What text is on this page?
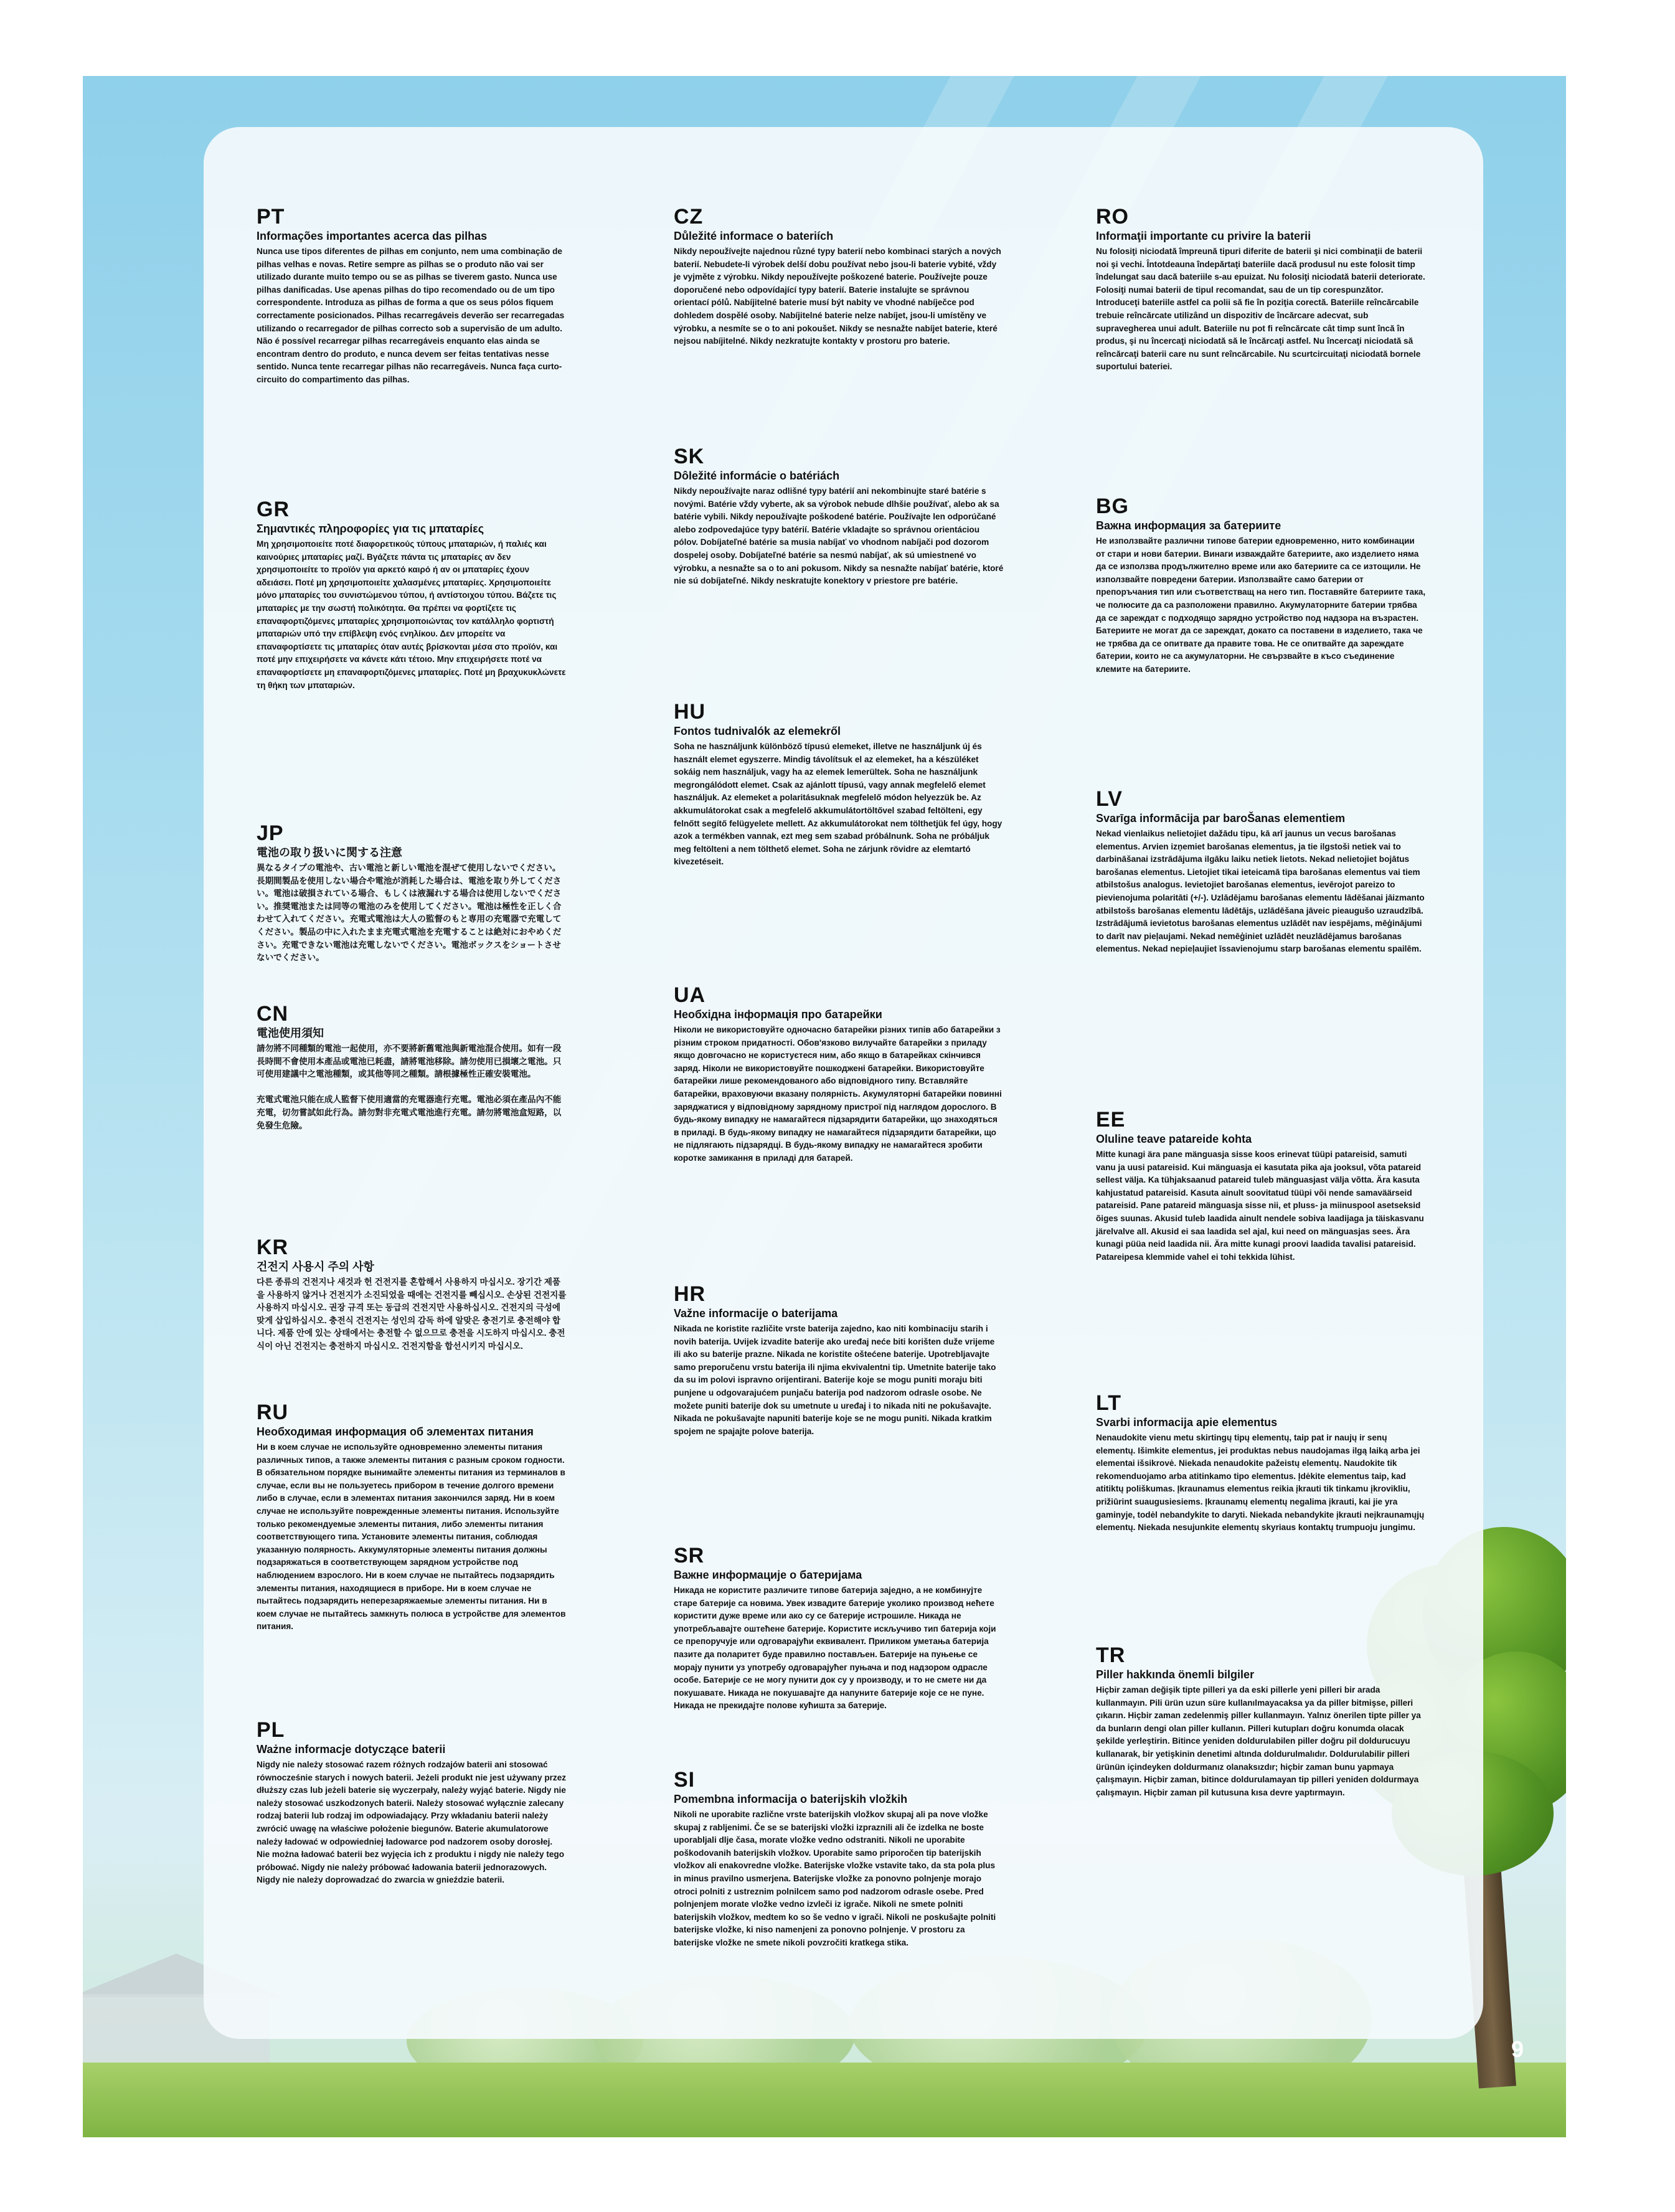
9
PT
Informações importantes acerca das pilhas

Nunca use tipos diferentes de pilhas em conjunto, nem uma combinação de pilhas velhas e novas. Retire sempre as pilhas se o produto não vai ser utilizado durante muito tempo ou se as pilhas se tiverem gasto. Nunca use pilhas danificadas. Use apenas pilhas do tipo recomendado ou de um tipo correspondente. Introduza as pilhas de forma a que os seus pólos fiquem correctamente posicionados. Pilhas recarregáveis deverão ser recarregadas utilizando o recarregador de pilhas correcto sob a supervisão de um adulto. Não é possível recarregar pilhas recarregáveis enquanto elas ainda se encontram dentro do produto, e nunca devem ser feitas tentativas nesse sentido. Nunca tente recarregar pilhas não recarregáveis. Nunca faça curto-circuito do compartimento das pilhas.

GR
Σημαντικές πληροφορίες για τις μπαταρίες

Μη χρησιμοποιείτε ποτέ διαφορετικούς τύπους μπαταριών, ή παλιές και καινούριες μπαταρίες μαζί. Βγάζετε πάντα τις μπαταρίες αν δεν χρησιμοποιείτε το προϊόν για αρκετό καιρό ή αν οι μπαταρίες έχουν αδειάσει. Ποτέ μη χρησιμοποιείτε χαλασμένες μπαταρίες. Χρησιμοποιείτε μόνο μπαταρίες του συνιστώμενου τύπου, ή αντίστοιχου τύπου. Βάζετε τις μπαταρίες με την σωστή πολικότητα. Θα πρέπει να φορτίζετε τις επαναφορτιζόμενες μπαταρίες χρησιμοποιώντας τον κατάλληλο φορτιστή μπαταριών υπό την επίβλεψη ενός ενηλίκου. Δεν μπορείτε να επαναφορτίσετε τις μπαταρίες όταν αυτές βρίσκονται μέσα στο προϊόν, και ποτέ μην επιχειρήσετε να κάνετε κάτι τέτοιο. Μην επιχειρήσετε ποτέ να επαναφορτίσετε μη επαναφορτιζόμενες μπαταρίες. Ποτέ μη βραχυκυκλώνετε τη θήκη των μπαταριών.

JP
電池の取り扱いに関する注意

異なるタイプの電池や、古い電池と新しい電池を混ぜて使用しないでください。長期間製品を使用しない場合や電池が消耗した場合は、電池を取り外してください。電池は破損されている場合、もしくは液漏れする場合は使用しないでください。推奨電池または同等の電池のみを使用してください。電池は極性を正しく合わせて入れてください。充電式電池は大人の監督のもと専用の充電器で充電してください。製品の中に入れたまま充電式電池を充電することは絶対におやめください。充電できない電池は充電しないでください。電池ボックスをショートさせないでください。

CN
電池使用須知

請勿將不同種類的電池一起使用，亦不要將新舊電池與新電池混合使用。如有一段長時間不會使用本產品或電池已耗盡，請將電池移除。請勿使用已損壞之電池。只可使用建議中之電池種類，或其他等同之種類。請根據極性正確安裝電池。

充電式電池只能在成人監督下使用適當的充電器進行充電。電池必須在產品內不能充電，切勿嘗試如此行為。請勿對非充電式電池進行充電。請勿將電池盒短路，以免發生危險。

KR
건전지 사용시 주의 사항

다른 종류의 건전지나 새것과 헌 건전지를 혼합해서 사용하지 마십시오. 장기간 제품을 사용하지 않거나 건전지가 소진되었을 때에는 건전지를 빼십시오. 손상된 건전지를 사용하지 마십시오. 권장 규격 또는 동급의 건전지만 사용하십시오. 건전지의 극성에 맞게 삽입하십시오. 충전식 건전지는 성인의 감독 하에 알맞은 충전기로 충전해야 합니다. 제품 안에 있는 상태에서는 충전할 수 없으므로 충전을 시도하지 마십시오. 충전식이 아닌 건전지는 충전하지 마십시오. 건전지함을 합선시키지 마십시오.

RU
Необходимая информация об элементах питания

Ни в коем случае не используйте одновременно элементы питания различных типов, а также элементы питания с разным сроком годности. В обязательном порядке вынимайте элементы питания из терминалов в случае, если вы не пользуетесь прибором в течение долгого времени либо в случае, если в элементах питания закончился заряд. Ни в коем случае не используйте поврежденные элементы питания. Используйте только рекомендуемые элементы питания, либо элементы питания соответствующего типа. Установите элементы питания, соблюдая указанную полярность. Аккумуляторные элементы питания должны подзаряжаться в соответствующем зарядном устройстве под наблюдением взрослого. Ни в коем случае не пытайтесь подзарядить элементы питания, находящиеся в приборе. Ни в коем случае не пытайтесь подзарядить неперезаряжаемые элементы питания. Ни в коем случае не пытайтесь замкнуть полюса в устройстве для элементов питания.

PL
Ważne informacje dotyczące baterii

Nigdy nie należy stosować razem różnych rodzajów baterii ani stosować równocześnie starych i nowych baterii. Jeżeli produkt nie jest używany przez dłuższy czas lub jeżeli baterie się wyczerpały, należy wyjąć baterie. Nigdy nie należy stosować uszkodzonych baterii. Należy stosować wyłącznie zalecany rodzaj baterii lub rodzaj im odpowiadający. Przy wkładaniu baterii należy zwrócić uwagę na właściwe położenie biegunów. Baterie akumulatorowe należy ładować w odpowiedniej ładowarce pod nadzorem osoby dorosłej. Nie można ładować baterii bez wyjęcia ich z produktu i nigdy nie należy tego próbować. Nigdy nie należy próbować ładowania baterii jednorazowych. Nigdy nie należy doprowadzać do zwarcia w gnieździe baterii.

CZ
Důležité informace o bateriích

Nikdy nepoužívejte najednou různé typy baterií nebo kombinaci starých a nových baterií. Nebudete-li výrobek delší dobu používat nebo jsou-li baterie vybité, vždy je vyjměte z výrobku. Nikdy nepoužívejte poškozené baterie. Používejte pouze doporučené nebo odpovídající typy baterií. Baterie instalujte se správnou orientací pólů. Nabíjitelné baterie musí být nabity ve vhodné nabíječce pod dohledem dospělé osoby. Nabíjitelné baterie nelze nabíjet, jsou-li umístěny ve výrobku, a nesmíte se o to ani pokoušet. Nikdy se nesnažte nabíjet baterie, které nejsou nabíjitelné. Nikdy nezkratujte kontakty v prostoru pro baterie.

SK
Dôležité informácie o batériách

Nikdy nepoužívajte naraz odlišné typy batérií ani nekombinujte staré batérie s novými. Batérie vždy vyberte, ak sa výrobok nebude dlhšie používať, alebo ak sa batérie vybili. Nikdy nepoužívajte poškodené batérie. Používajte len odporúčané alebo zodpovedajúce typy batérií. Batérie vkladajte so správnou orientáciou pólov. Dobíjateľné batérie sa musia nabíjať vo vhodnom nabíjači pod dozorom dospelej osoby. Dobíjateľné batérie sa nesmú nabíjať, ak sú umiestnené vo výrobku, a nesnažte sa o to ani pokusom. Nikdy sa nesnažte nabíjať batérie, ktoré nie sú dobíjateľné. Nikdy neskratujte konektory v priestore pre batérie.

HU
Fontos tudnivalók az elemekről

Soha ne használjunk különböző típusú elemeket, illetve ne használjunk új és használt elemet egyszerre. Mindig távolítsuk el az elemeket, ha a készüléket sokáig nem használjuk, vagy ha az elemek lemerültek. Soha ne használjunk megrongálódott elemet. Csak az ajánlott típusú, vagy annak megfelelő elemet használjuk. Az elemeket a polaritásuknak megfelelő módon helyezzük be. Az akkumulátorokat csak a megfelelő akkumulátortöltővel szabad feltölteni, egy felnőtt segítő felügyelete mellett. Az akkumulátorokat nem tölthetjük fel úgy, hogy azok a termékben vannak, ezt meg sem szabad próbálnunk. Soha ne próbáljuk meg feltölteni a nem tölthető elemet. Soha ne zárjunk rövidre az elemtartó kivezetéseit.

UA
Необхідна інформація про батарейки

Ніколи не використовуйте одночасно батарейки різних типів або батарейки з різним строком придатності. Обов'язково вилучайте батарейки з приладу якщо довгочасно не користуєтеся ним, або якщо в батарейках скінчився заряд. Ніколи не використовуйте пошкоджені батарейки. Використовуйте батарейки лише рекомендованого або відповідного типу. Вставляйте батарейки, враховуючи вказану полярність. Акумуляторні батарейки повинні заряджатися у відповідному зарядному пристрої під наглядом дорослого. В будь-якому випадку не намагайтеся підзарядити батарейки, що знаходяться в приладі. В будь-якому випадку не намагайтеся підзарядити батарейки, що не підлягають підзарядці. В будь-якому випадку не намагайтеся зробити коротке замикання в приладі для батарей.

HR
Važne informacije o baterijama

Nikada ne koristite različite vrste baterija zajedno, kao niti kombinaciju starih i novih baterija. Uvijek izvadite baterije ako uređaj neće biti korišten duže vrijeme ili ako su baterije prazne. Nikada ne koristite oštećene baterije. Upotrebljavajte samo preporučenu vrstu baterija ili njima ekvivalentni tip. Umetnite baterije tako da su im polovi ispravno orijentirani. Baterije koje se mogu puniti moraju biti punjene u odgovarajućem punjaču baterija pod nadzorom odrasle osobe. Ne možete puniti baterije dok su umetnute u uređaj i to nikada niti ne pokušavajte. Nikada ne pokušavajte napuniti baterije koje se ne mogu puniti. Nikada kratkim spojem ne spajajte polove baterija.

SR
Важне информације о батеријама

Никада не користите различите типове батерија заједно, а не комбинујте старе батерије са новима. Увек извадите батерије уколико производ нећете користити дуже време или ако су се батерије истрошиле. Никада не употребљавајте оштећене батерије. Користите искључиво тип батерија који се препоручује или одговарајући еквивалент. Приликом уметања батерија пазите да поларитет буде правилно постављен. Батерије на пуњење се морају пунити уз употребу одговарајућег пуњача и под надзором одрасле особе. Батерије се не могу пунити док су у производу, и то не смете ни да покушавате. Никада не покушавајте да напуните батерије које се не пуне. Никада не прекидајте полове кућишта за батерије.

SI
Pomembna informacija o baterijskih vložkih

Nikoli ne uporabite različne vrste baterijskih vložkov skupaj ali pa nove vložke skupaj z rabljenimi. Če se se baterijski vložki izpraznili ali če izdelka ne boste uporabljali dlje časa, morate vložke vedno odstraniti. Nikoli ne uporabite poškodovanih baterijskih vložkov. Uporabite samo priporočen tip baterijskih vložkov ali enakovredne vložke. Baterijske vložke vstavite tako, da sta pola plus in minus pravilno usmerjena. Baterijske vložke za ponovno polnjenje morajo otroci polniti z ustreznim polnilcem samo pod nadzorom odrasle osebe. Pred polnjenjem morate vložke vedno izvleči iz igrače. Nikoli ne smete polniti baterijskih vložkov, medtem ko so še vedno v igrači. Nikoli ne poskušajte polniti baterijske vložke, ki niso namenjeni za ponovno polnjenje. V prostoru za baterijske vložke ne smete nikoli povzročiti kratkega stika.

RO
Informaţii importante cu privire la baterii

Nu folosiţi niciodată împreună tipuri diferite de baterii şi nici combinaţii de baterii noi şi vechi. Întotdeauna îndepărtaţi bateriile dacă produsul nu este folosit timp îndelungat sau dacă bateriile s-au epuizat. Nu folosiţi niciodată baterii deteriorate. Folosiţi numai baterii de tipul recomandat, sau de un tip corespunzător. Introduceţi bateriile astfel ca polii să fie în poziţia corectă. Bateriile reîncărcabile trebuie reîncărcate utilizând un dispozitiv de încărcare adecvat, sub supravegherea unui adult. Bateriile nu pot fi reîncărcate cât timp sunt încă în produs, şi nu încercaţi niciodată să le încărcaţi astfel. Nu încercaţi niciodată să reîncărcaţi baterii care nu sunt reîncărcabile. Nu scurtcircuitaţi niciodată bornele suportului bateriei.

BG
Важна информация за батериите

Не използвайте различни типове батерии едновременно, нито комбинации от стари и нови батерии. Винаги изваждайте батериите, ако изделието няма да се използва продължително време или ако батериите са се изтощили. Не използвайте повредени батерии. Използвайте само батерии от препоръчания тип или съответстващ на него тип. Поставяйте батериите така, че полюсите да са разположени правилно. Акумулаторните батерии трябва да се зареждат с подходящо зарядно устройство под надзора на възрастен. Батериите не могат да се зареждат, докато са поставени в изделието, така че не трябва да се опитвате да правите това. Не се опитвайте да зареждате батерии, които не са акумулаторни. Не свързвайте в късо съединение клемите на батериите.

LV
Svarīga informācija par baroŠanas elementiem

Nekad vienlaikus nelietojiet dažādu tipu, kā arī jaunus un vecus barošanas elementus. Arvien izņemiet barošanas elementus, ja tie ilgstoši netiek vai to darbināšanai izstrādājuma ilgāku laiku netiek lietots. Nekad nelietojiet bojātus barošanas elementus. Lietojiet tikai ieteicamā tipa barošanas elementus vai tiem atbilstošus analogus. Ievietojiet barošanas elementus, ievērojot pareizo to pievienojuma polaritāti (+/-). Uzlādējamu barošanas elementu lādēšanai jāizmanto atbilstošs barošanas elementu lādētājs, uzlādēšana jāveic pieaugušo uzraudzībā. Izstrādājumā ievietotus barošanas elementus uzlādēt nav iespējams, mēģinājumi to darīt nav pieļaujami. Nekad nemēģiniet uzlādēt neuzlādējamus barošanas elementus. Nekad nepieļaujiet īssavienojumu starp barošanas elementu spailēm.

EE
Oluline teave patareide kohta

Mitte kunagi ära pane mänguasja sisse koos erinevat tüüpi patareisid, samuti vanu ja uusi patareisid. Kui mänguasja ei kasutata pika aja jooksul, võta patareid sellest välja. Ka tühjaksaanud patareid tuleb mänguasjast välja võtta. Ära kasuta kahjustatud patareisid. Kasuta ainult soovitatud tüüpi või nende samaväärseid patareisid. Pane patareid mänguasja sisse nii, et pluss- ja miinuspool asetseksid õiges suunas. Akusid tuleb laadida ainult nendele sobiva laadijaga ja täiskasvanu järelvalve all. Akusid ei saa laadida sel ajal, kui need on mänguasjas sees. Ära kunagi püüa neid laadida nii. Ära mitte kunagi proovi laadida tavalisi patareisid. Patareipesa klemmide vahel ei tohi tekkida lühist.

LT
Svarbi informacija apie elementus

Nenaudokite vienu metu skirtingų tipų elementų, taip pat ir naujų ir senų elementų. Išimkite elementus, jei produktas nebus naudojamas ilgą laiką arba jei elementai išsikrovė. Niekada nenaudokite pažeistų elementų. Naudokite tik rekomenduojamo arba atitinkamo tipo elementus. Įdėkite elementus taip, kad atitiktų poliškumas. Įkraunamus elementus reikia įkrauti tik tinkamu įkrovikliu, prižiūrint suaugusiesiems. Įkraunamų elementų negalima įkrauti, kai jie yra gaminyje, todėl nebandykite to daryti. Niekada nebandykite įkrauti neįkraunamųjų elementų. Niekada nesujunkite elementų skyriaus kontaktų trumpuoju jungimu.

TR
Piller hakkında önemli bilgiler

Hiçbir zaman değişik tipte pilleri ya da eski pillerle yeni pilleri bir arada kullanmayın. Pili ürün uzun süre kullanılmayacaksa ya da piller bitmişse, pilleri çıkarın. Hiçbir zaman zedelenmiş piller kullanmayın. Yalnız önerilen tipte piller ya da bunların dengi olan piller kullanın. Pilleri kutupları doğru konumda olacak şekilde yerleştirin. Bitince yeniden doldurulabilen piller doğru pil doldurucuyu kullanarak, bir yetişkinin denetimi altında doldurulmalıdır. Doldurulabilir pilleri ürünün içindeyken doldurmanız olanaksızdır; hiçbir zaman bunu yapmaya çalışmayın. Hiçbir zaman, bitince doldurulamayan tip pilleri yeniden doldurmaya çalışmayın. Hiçbir zaman pil kutusuna kısa devre yaptırmayın.
